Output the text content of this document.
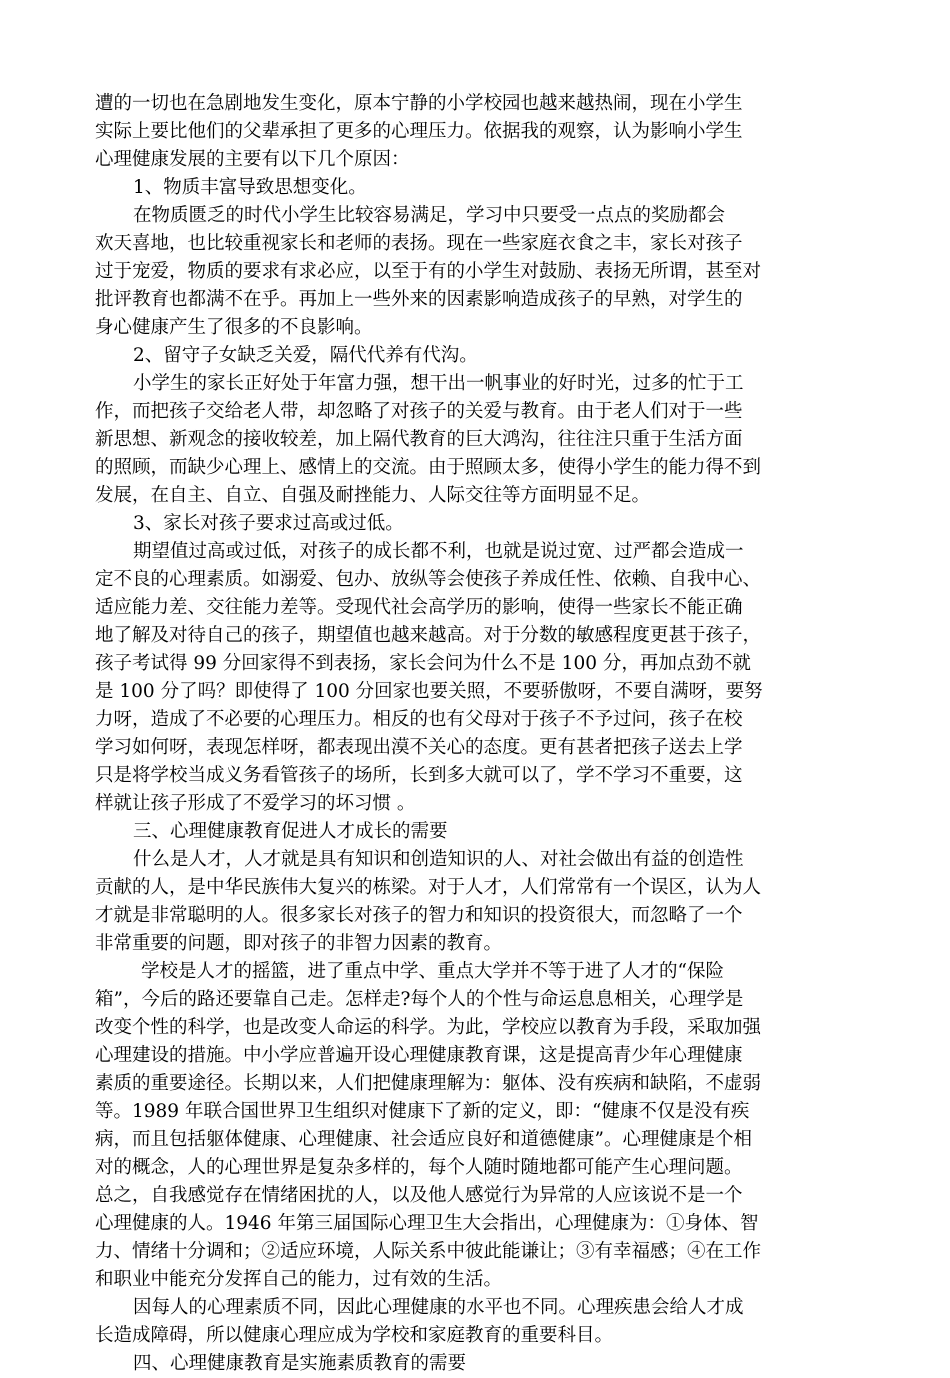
遭的一切也在急剧地发生变化，原本宁静的小学校园也越来越热闹，现在小学生
实际上要比他们的父辈承担了更多的心理压力。依据我的观察，认为影响小学生
心理健康发展的主要有以下几个原因：
1、物质丰富导致思想变化。
在物质匮乏的时代小学生比较容易满足，学习中只要受一点点的奖励都会
欢天喜地，也比较重视家长和老师的表扬。现在一些家庭衣食之丰，家长对孩子
过于宠爱，物质的要求有求必应，以至于有的小学生对鼓励、表扬无所谓，甚至对
批评教育也都满不在乎。再加上一些外来的因素影响造成孩子的早熟，对学生的
身心健康产生了很多的不良影响。
2、留守子女缺乏关爱，隔代代养有代沟。
小学生的家长正好处于年富力强，想干出一帆事业的好时光，过多的忙于工
作，而把孩子交给老人带，却忽略了对孩子的关爱与教育。由于老人们对于一些
新思想、新观念的接收较差，加上隔代教育的巨大鸿沟，往往注只重于生活方面
的照顾，而缺少心理上、感情上的交流。由于照顾太多，使得小学生的能力得不到
发展，在自主、自立、自强及耐挫能力、人际交往等方面明显不足。
3、家长对孩子要求过高或过低。
期望值过高或过低，对孩子的成长都不利，也就是说过宽、过严都会造成一
定不良的心理素质。如溺爱、包办、放纵等会使孩子养成任性、依赖、自我中心、
适应能力差、交往能力差等。受现代社会高学历的影响，使得一些家长不能正确
地了解及对待自己的孩子，期望值也越来越高。对于分数的敏感程度更甚于孩子，
孩子考试得 99 分回家得不到表扬，家长会问为什么不是 100 分，再加点劲不就
是 100 分了吗？即使得了 100 分回家也要关照，不要骄傲呀，不要自满呀，要努
力呀，造成了不必要的心理压力。相反的也有父母对于孩子不予过问，孩子在校
学习如何呀，表现怎样呀，都表现出漠不关心的态度。更有甚者把孩子送去上学
只是将学校当成义务看管孩子的场所，长到多大就可以了，学不学习不重要，这
样就让孩子形成了不爱学习的坏习惯 。
三、心理健康教育促进人才成长的需要
什么是人才，人才就是具有知识和创造知识的人、对社会做出有益的创造性
贡献的人，是中华民族伟大复兴的栋梁。对于人才，人们常常有一个误区，认为人
才就是非常聪明的人。很多家长对孩子的智力和知识的投资很大，而忽略了一个
非常重要的问题，即对孩子的非智力因素的教育。
学校是人才的摇篮，进了重点中学、重点大学并不等于进了人才的“保险
箱”，今后的路还要靠自己走。怎样走?每个人的个性与命运息息相关，心理学是
改变个性的科学，也是改变人命运的科学。为此，学校应以教育为手段，采取加强
心理建设的措施。中小学应普遍开设心理健康教育课，这是提高青少年心理健康
素质的重要途径。长期以来，人们把健康理解为：躯体、没有疾病和缺陷，不虚弱
等。1989 年联合国世界卫生组织对健康下了新的定义，即：“健康不仅是没有疾
病，而且包括躯体健康、心理健康、社会适应良好和道德健康”。心理健康是个相
对的概念，人的心理世界是复杂多样的，每个人随时随地都可能产生心理问题。
总之，自我感觉存在情绪困扰的人，以及他人感觉行为异常的人应该说不是一个
心理健康的人。1946 年第三届国际心理卫生大会指出，心理健康为：①身体、智
力、情绪十分调和；②适应环境，人际关系中彼此能谦让；③有幸福感；④在工作
和职业中能充分发挥自己的能力，过有效的生活。
因每人的心理素质不同，因此心理健康的水平也不同。心理疾患会给人才成
长造成障碍，所以健康心理应成为学校和家庭教育的重要科目。
四、心理健康教育是实施素质教育的需要
